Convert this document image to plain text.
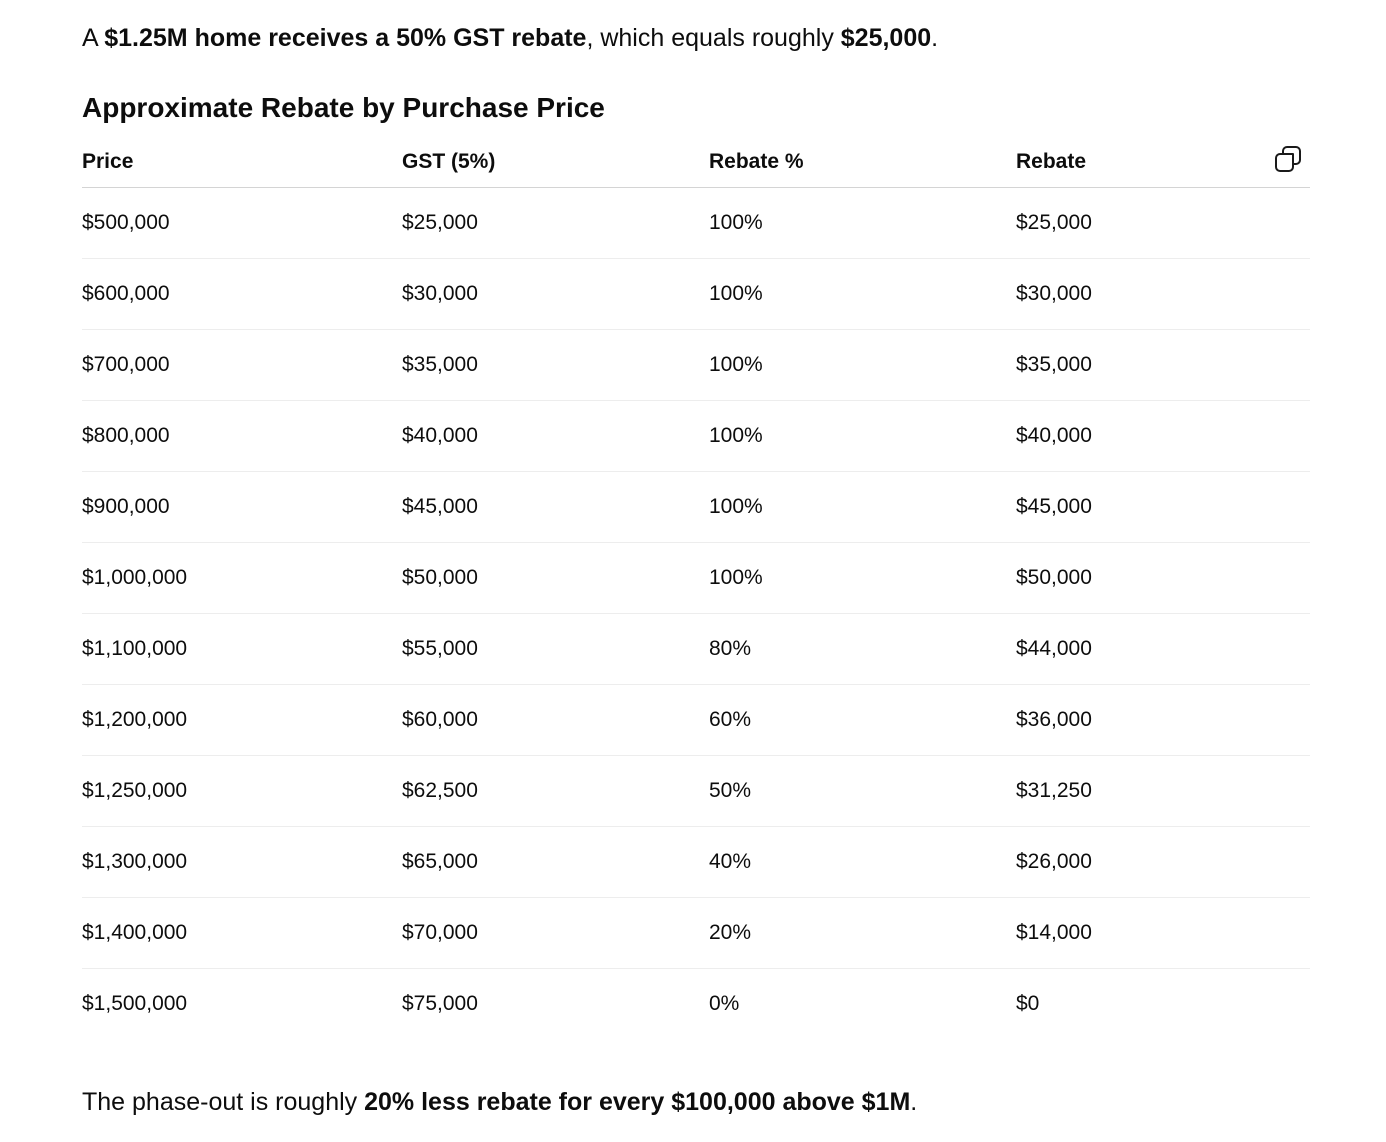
A $1.25M home receives a 50% GST rebate, which equals roughly $25,000.

Approximate Rebate by Purchase Price
Price	GST (5%)	Rebate %	Rebate
$500,000	$25,000	100%	$25,000
$600,000	$30,000	100%	$30,000
$700,000	$35,000	100%	$35,000
$800,000	$40,000	100%	$40,000
$900,000	$45,000	100%	$45,000
$1,000,000	$50,000	100%	$50,000
$1,100,000	$55,000	80%	$44,000
$1,200,000	$60,000	60%	$36,000
$1,250,000	$62,500	50%	$31,250
$1,300,000	$65,000	40%	$26,000
$1,400,000	$70,000	20%	$14,000
$1,500,000	$75,000	0%	$0

The phase-out is roughly 20% less rebate for every $100,000 above $1M.
